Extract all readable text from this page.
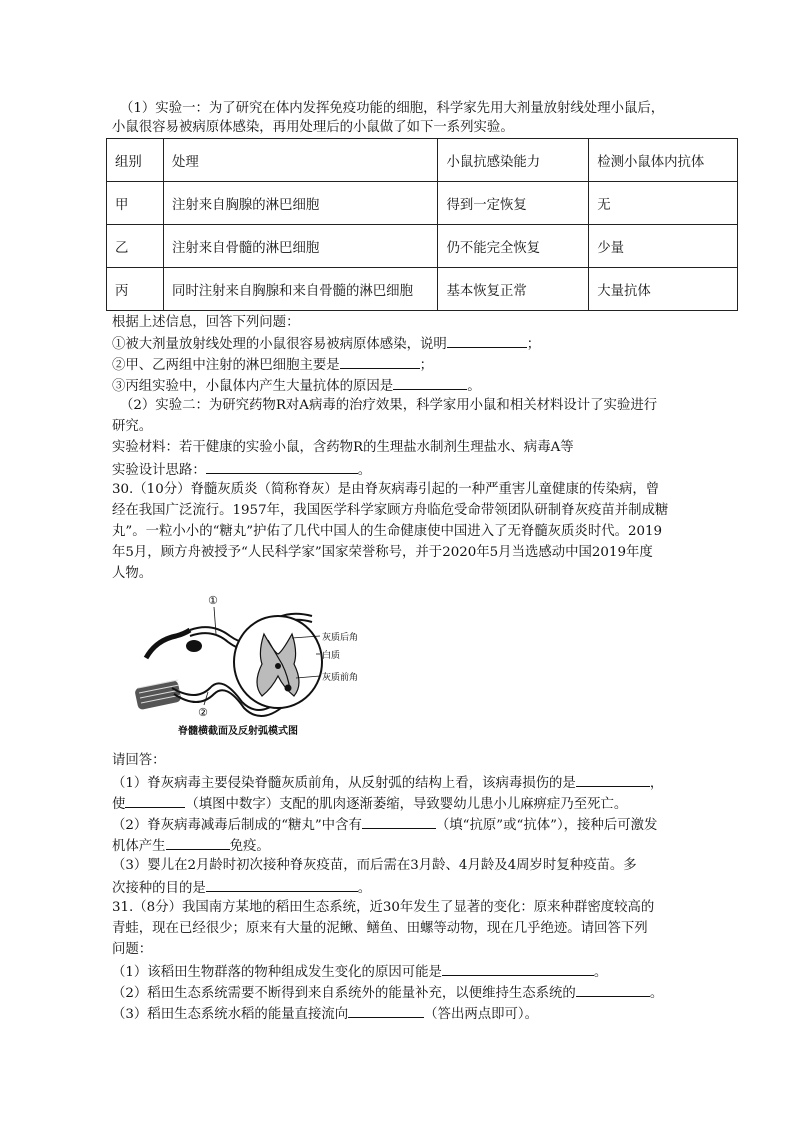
（1）实验一：为了研究在体内发挥免疫功能的细胞，科学家先用大剂量放射线处理小鼠后，
小鼠很容易被病原体感染，再用处理后的小鼠做了如下一系列实验。
组别	处理	小鼠抗感染能力	检测小鼠体内抗体
甲	注射来自胸腺的淋巴细胞	得到一定恢复	无
乙	注射来自骨髓的淋巴细胞	仍不能完全恢复	少量
丙	同时注射来自胸腺和来自骨髓的淋巴细胞	基本恢复正常	大量抗体
根据上述信息，回答下列问题：
①被大剂量放射线处理的小鼠很容易被病原体感染，说明	；
②甲、乙两组中注射的淋巴细胞主要是	；
③丙组实验中，小鼠体内产生大量抗体的原因是	。
（2）实验二：为研究药物R对A病毒的治疗效果，科学家用小鼠和相关材料设计了实验进行
研究。
实验材料：若干健康的实验小鼠，含药物R的生理盐水制剂生理盐水、病毒A等
实验设计思路：	。
30.（10分）脊髓灰质炎（简称脊灰）是由脊灰病毒引起的一种严重害儿童健康的传染病，曾
经在我国广泛流行。1957年，我国医学科学家顾方舟临危受命带领团队研制脊灰疫苗并制成糖
丸”。一粒小小的“糖丸”护佑了几代中国人的生命健康使中国进入了无脊髓灰质炎时代。2019
年5月，顾方舟被授予“人民科学家”国家荣誉称号，并于2020年5月当选感动中国2019年度
人物。
①
②
灰质后角
白质
灰质前角
脊髓横截面及反射弧模式图
请回答：
（1）脊灰病毒主要侵染脊髓灰质前角，从反射弧的结构上看，该病毒损伤的是	，
使	（填图中数字）支配的肌肉逐渐萎缩，导致婴幼儿患小儿麻痹症乃至死亡。
（2）脊灰病毒减毒后制成的“糖丸”中含有	（填“抗原”或“抗体”），接种后可激发
机体产生	免疫。
（3）婴儿在2月龄时初次接种脊灰疫苗，而后需在3月龄、4月龄及4周岁时复种疫苗。多
次接种的目的是	。
31.（8分）我国南方某地的稻田生态系统，近30年发生了显著的变化：原来种群密度较高的
青蛙，现在已经很少；原来有大量的泥鳅、鳝鱼、田螺等动物，现在几乎绝迹。请回答下列
问题：
（1）该稻田生物群落的物种组成发生变化的原因可能是	。
（2）稻田生态系统需要不断得到来自系统外的能量补充，以便维持生态系统的	。
（3）稻田生态系统水稻的能量直接流向	（答出两点即可）。
